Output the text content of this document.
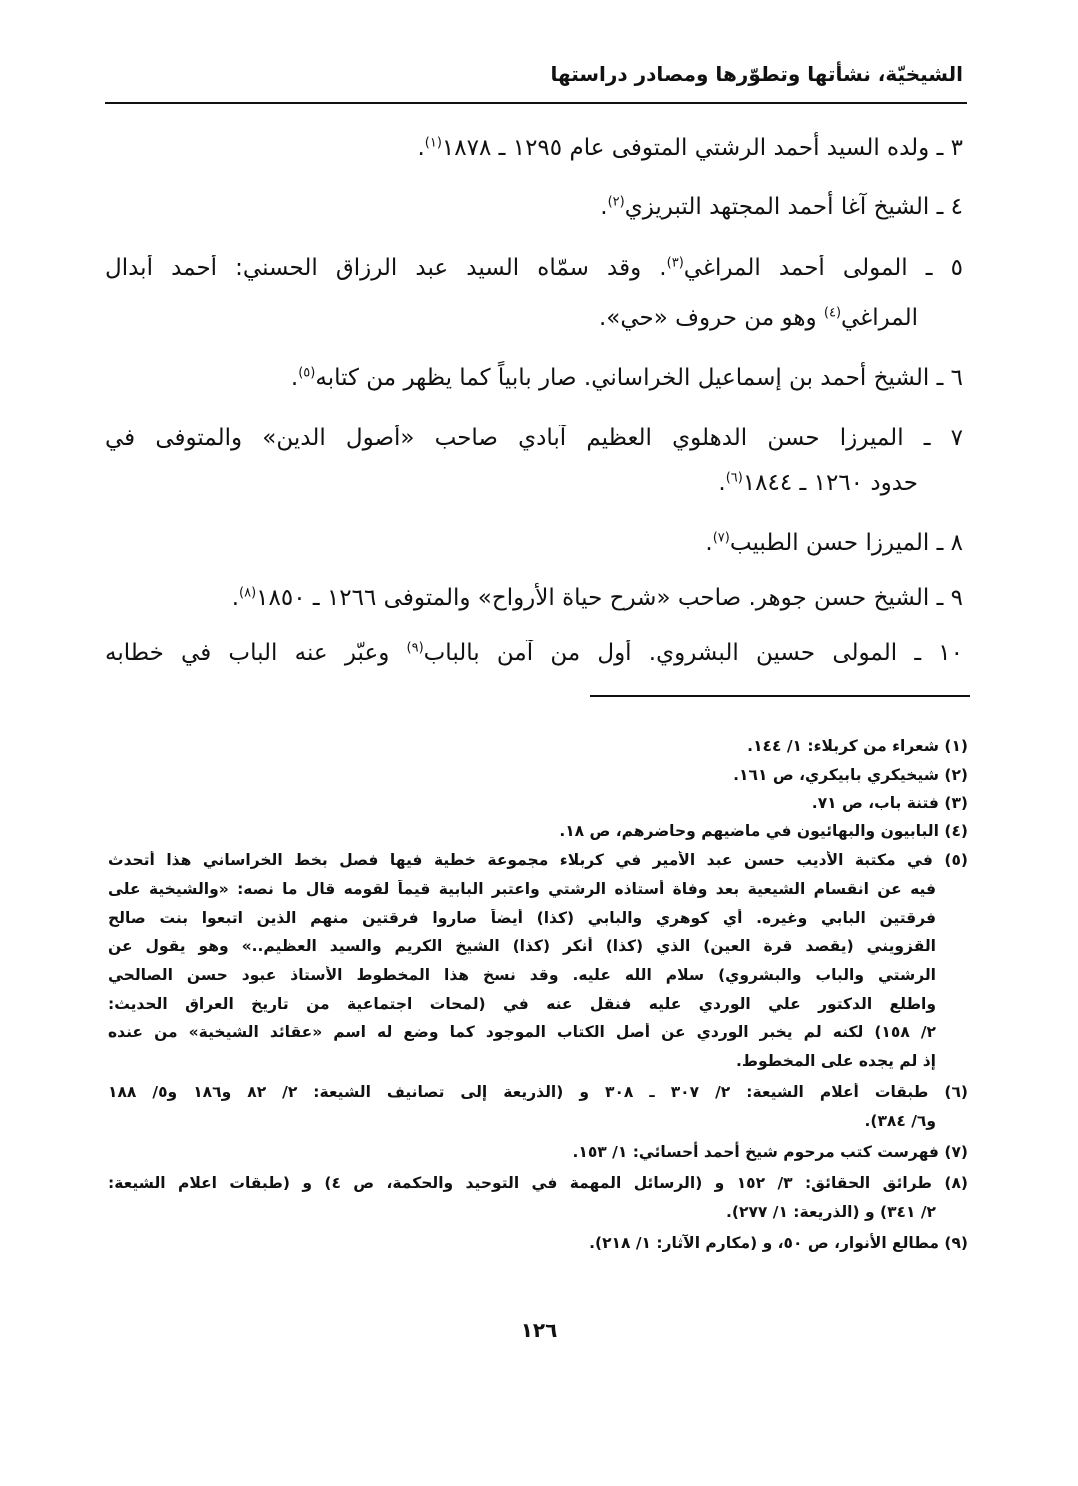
الشيخيّة، نشأتها وتطوّرها ومصادر دراستها
٣ ـ ولده السيد أحمد الرشتي المتوفى عام ١٢٩٥ ـ ١٨٧٨$^{(١)}$.
٤ ـ الشيخ آغا أحمد المجتهد التبريزي$^{(٢)}$.
٥ ـ المولى أحمد المراغي$^{(٣)}$. وقد سمّاه السيد عبد الرزاق الحسني: أحمد أبدال
المراغي$^{(٤)}$ وهو من حروف «حي».
٦ ـ الشيخ أحمد بن إسماعيل الخراساني. صار بابياً كما يظهر من كتابه$^{(٥)}$.
٧ ـ الميرزا حسن الدهلوي العظيم آبادي صاحب «أصول الدين» والمتوفى في
حدود ١٢٦٠ ـ ١٨٤٤$^{(٦)}$.
٨ ـ الميرزا حسن الطبيب$^{(٧)}$.
٩ ـ الشيخ حسن جوهر. صاحب «شرح حياة الأرواح» والمتوفى ١٢٦٦ ـ ١٨٥٠$^{(٨)}$.
١٠ ـ المولى حسين البشروي. أول من آمن بالباب$^{(٩)}$ وعبّر عنه الباب في خطابه
(١) شعراء من كربلاء: ١/ ١٤٤.
(٢) شيخيكري بابيكري، ص ١٦١.
(٣) فتنة باب، ص ٧١.
(٤) البابيون والبهائيون في ماضيهم وحاضرهم، ص ١٨.
(٥) في مكتبة الأديب حسن عبد الأمير في كربلاء مجموعة خطية فيها فصل بخط الخراساني هذا أتحدث
فيه عن انقسام الشيعية بعد وفاة أستاذه الرشتي واعتبر البابية قيماً لقومه قال ما نصه: «والشيخية على
فرقتين البابي وغيره. أي كوهري والبابي (كذا) أيضاً صاروا فرقتين منهم الذين اتبعوا بنت صالح
القزويني (يقصد قرة العين) الذي (كذا) أنكر (كذا) الشيخ الكريم والسيد العظيم..» وهو يقول عن
الرشتي والباب والبشروي) سلام الله عليه. وقد نسخ هذا المخطوط الأستاذ عبود حسن الصالحي
واطلع الدكتور علي الوردي عليه فنقل عنه في (لمحات اجتماعية من تاريخ العراق الحديث:
٢/ ١٥٨) لكنه لم يخبر الوردي عن أصل الكتاب الموجود كما وضع له اسم «عقائد الشيخية» من عنده
إذ لم يجده على المخطوط.
(٦) طبقات أعلام الشيعة: ٢/ ٣٠٧ ـ ٣٠٨ و (الذريعة إلى تصانيف الشيعة: ٢/ ٨٢ و١٨٦ و٥/ ١٨٨
و٦/ ٣٨٤).
(٧) فهرست كتب مرحوم شيخ أحمد أحسائي: ١/ ١٥٣.
(٨) طرائق الحقائق: ٣/ ١٥٢ و (الرسائل المهمة في التوحيد والحكمة، ص ٤) و (طبقات اعلام الشيعة:
٢/ ٣٤١) و (الذريعة: ١/ ٢٧٧).
(٩) مطالع الأنوار، ص ٥٠، و (مكارم الآثار: ١/ ٢١٨).
١٢٦
